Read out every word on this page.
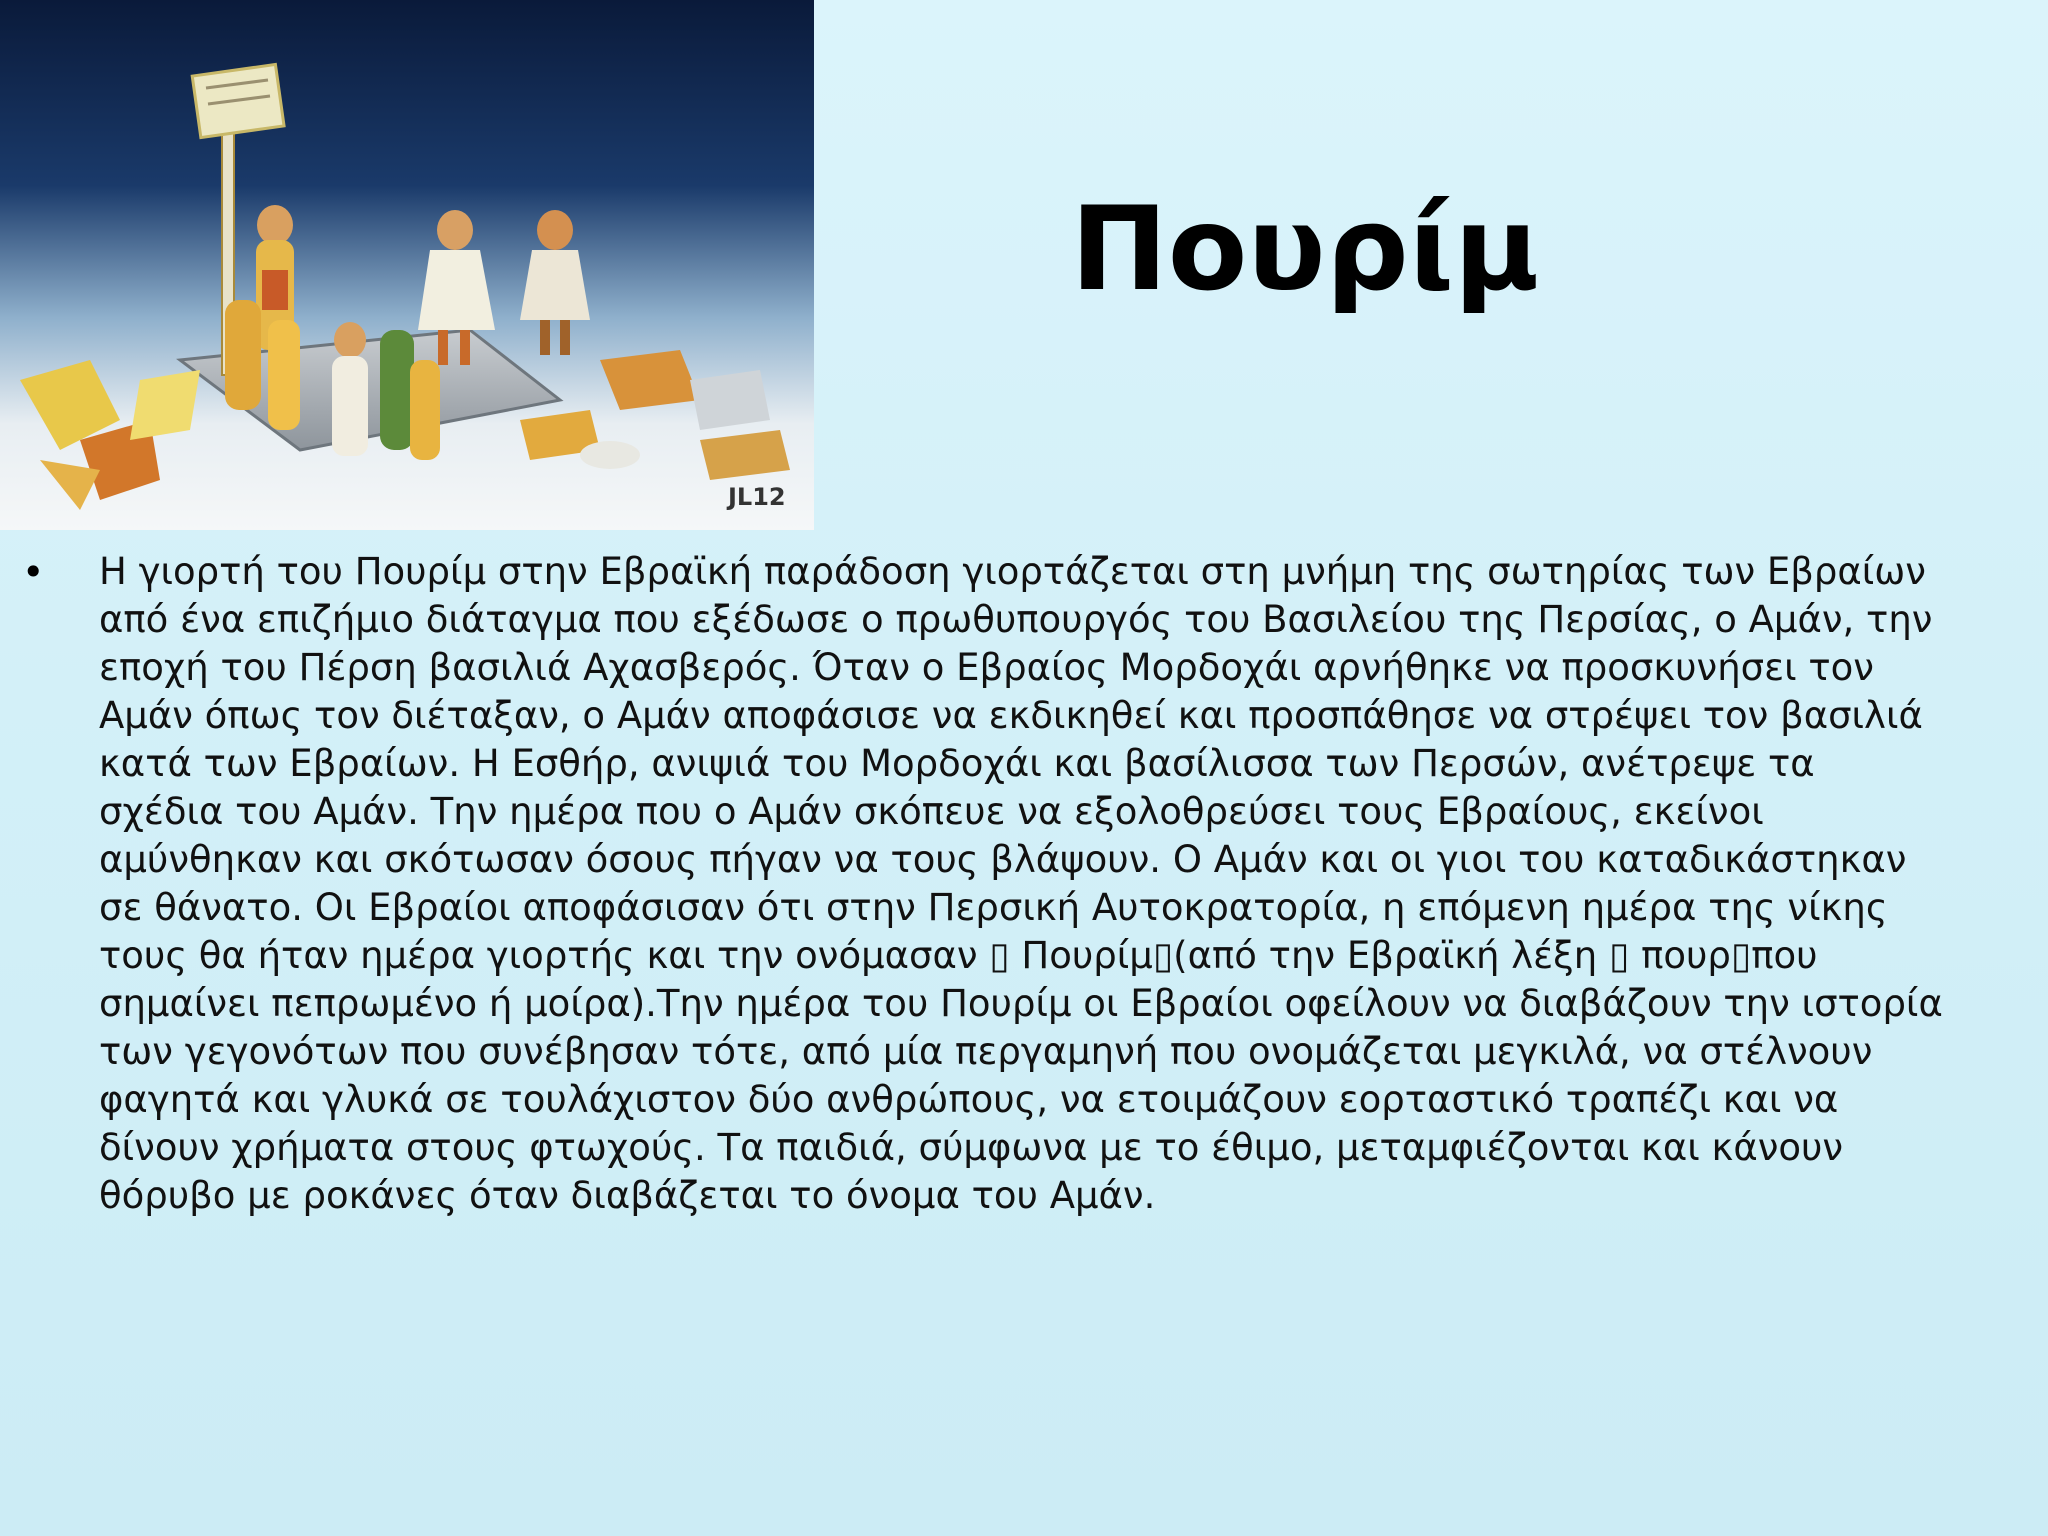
JL12
Πουρίμ
• Η γιορτή του Πουρίμ στην Εβραϊκή παράδοση γιορτάζεται στη μνήμη της σωτηρίας των Εβραίων από ένα επιζήμιο διάταγμα που εξέδωσε ο πρωθυπουργός του Βασιλείου της Περσίας, ο Αμάν, την εποχή του Πέρση βασιλιά Αχασβερός. Όταν ο Εβραίος Μορδοχάι αρνήθηκε να προσκυνήσει τον Αμάν όπως τον διέταξαν, ο Αμάν αποφάσισε να εκδικηθεί και προσπάθησε να στρέψει τον βασιλιά κατά των Εβραίων. Η Εσθήρ, ανιψιά του Μορδοχάι και βασίλισσα των Περσών, ανέτρεψε τα σχέδια του Αμάν. Την ημέρα που ο Αμάν σκόπευε να εξολοθρεύσει τους Εβραίους, εκείνοι αμύνθηκαν και σκότωσαν όσους πήγαν να τους βλάψουν. Ο Αμάν και οι γιοι του καταδικάστηκαν σε θάνατο. Οι Εβραίοι αποφάσισαν ότι στην Περσική Αυτοκρατορία, η επόμενη ημέρα της νίκης τους θα ήταν ημέρα γιορτής και την ονόμασαν ▯ Πουρίμ▯(από την Εβραϊκή λέξη ▯ πουρ▯που σημαίνει πεπρωμένο ή μοίρα).Την ημέρα του Πουρίμ οι Εβραίοι οφείλουν να διαβάζουν την ιστορία των γεγονότων που συνέβησαν τότε, από μία περγαμηνή που ονομάζεται μεγκιλά, να στέλνουν φαγητά και γλυκά σε τουλάχιστον δύο ανθρώπους, να ετοιμάζουν εορταστικό τραπέζι και να δίνουν χρήματα στους φτωχούς. Τα παιδιά, σύμφωνα με το έθιμο, μεταμφιέζονται και κάνουν θόρυβο με ροκάνες όταν διαβάζεται το όνομα του Αμάν.
